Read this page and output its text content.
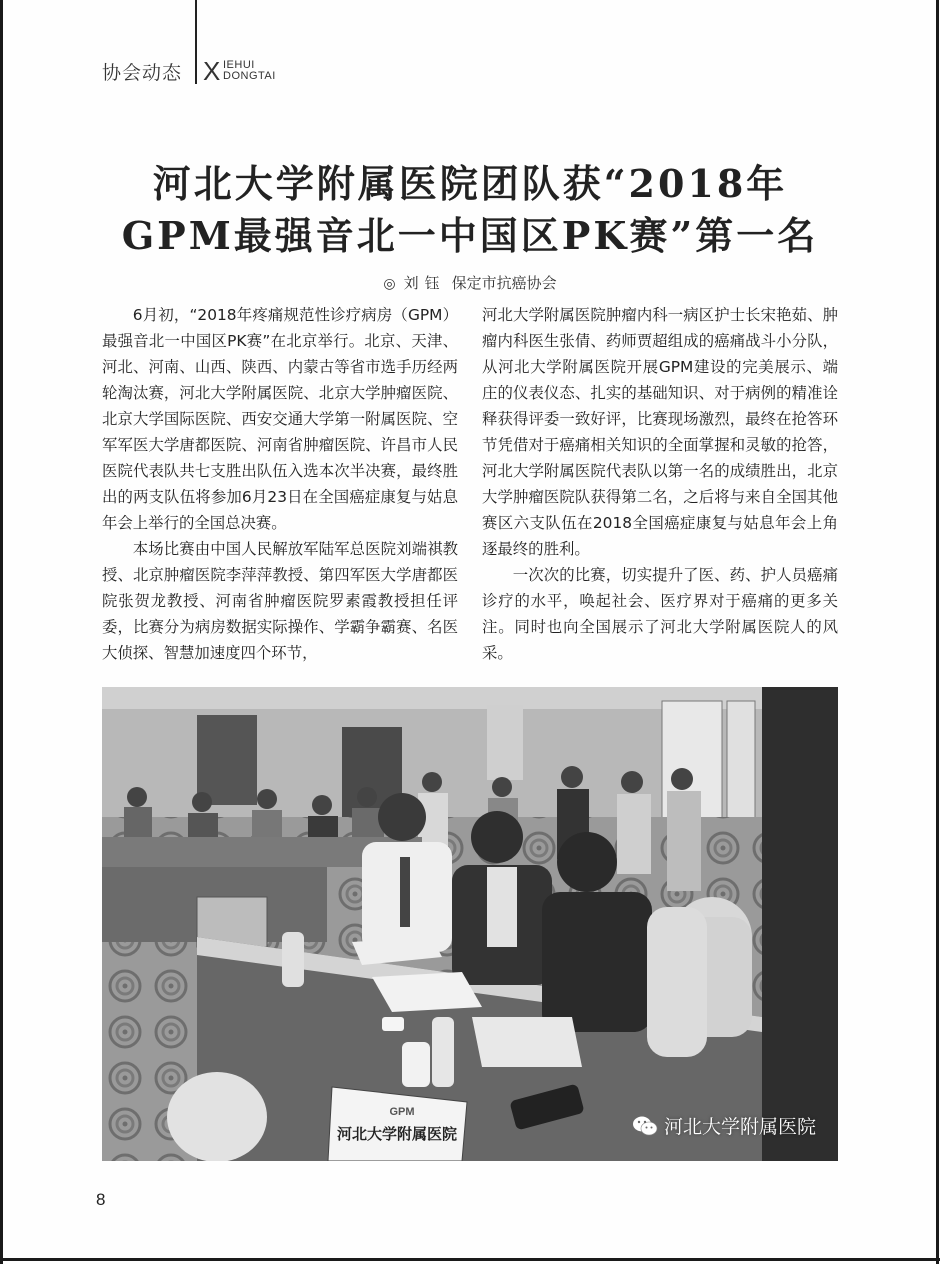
协会动态 X IEHUI
DONGTAI
河北大学附属医院团队获“2018年
GPM最强音北一中国区PK赛”第一名
◎ 刘钰 保定市抗癌协会

6月初，“2018年疼痛规范性诊疗病房（GPM）最强音北一中国区PK赛”在北京举行。北京、天津、河北、河南、山西、陕西、内蒙古等省市选手历经两轮淘汰赛，河北大学附属医院、北京大学肿瘤医院、北京大学国际医院、西安交通大学第一附属医院、空军军医大学唐都医院、河南省肿瘤医院、许昌市人民医院代表队共七支胜出队伍入选本次半决赛，最终胜出的两支队伍将参加6月23日在全国癌症康复与姑息年会上举行的全国总决赛。

本场比赛由中国人民解放军陆军总医院刘端祺教授、北京肿瘤医院李萍萍教授、第四军医大学唐都医院张贺龙教授、河南省肿瘤医院罗素霞教授担任评委，比赛分为病房数据实际操作、学霸争霸赛、名医大侦探、智慧加速度四个环节，

河北大学附属医院肿瘤内科一病区护士长宋艳茹、肿瘤内科医生张倩、药师贾超组成的癌痛战斗小分队，从河北大学附属医院开展GPM建设的完美展示、端庄的仪表仪态、扎实的基础知识、对于病例的精准诠释获得评委一致好评，比赛现场激烈，最终在抢答环节凭借对于癌痛相关知识的全面掌握和灵敏的抢答，河北大学附属医院代表队以第一名的成绩胜出，北京大学肿瘤医院队获得第二名，之后将与来自全国其他赛区六支队伍在2018全国癌症康复与姑息年会上角逐最终的胜利。

一次次的比赛，切实提升了医、药、护人员癌痛诊疗的水平，唤起社会、医疗界对于癌痛的更多关注。同时也向全国展示了河北大学附属医院人的风采。

河北大学附属医院
GPM
河北大学附属医院
8
